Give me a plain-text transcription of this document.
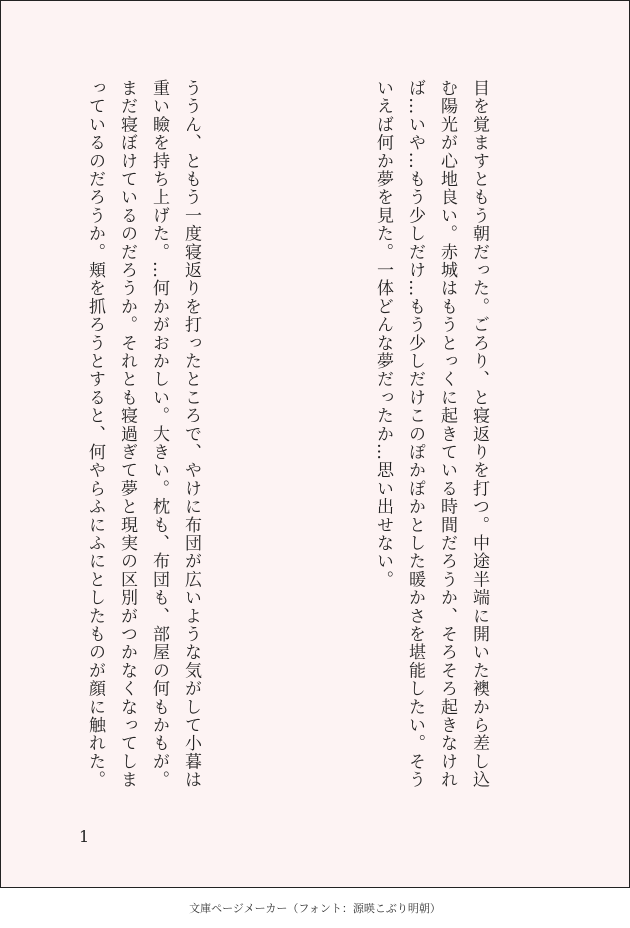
目を覚ますともう朝だった。ごろり、と寝返りを打つ。中途半端に開いた襖から差し込む陽光が心地良い。赤城はもうとっくに起きている時間だろうか、そろそろ起きなければ…いや…もう少しだけ…もう少しだけこのぽかぽかとした暖かさを堪能したい。そういえば何か夢を見た。一体どんな夢だったか…思い出せない。

ううん、ともう一度寝返りを打ったところで、やけに布団が広いような気がして小暮は重い瞼を持ち上げた。…何かがおかしい。大きい。枕も、布団も、部屋の何もかもが。まだ寝ぼけているのだろうか。それとも寝過ぎて夢と現実の区別がつかなくなってしまっているのだろうか。頬を抓ろうとすると、何やらふにふにとしたものが顔に触れた。

1
文庫ページメーカー（フォント：源暎こぶり明朝）
